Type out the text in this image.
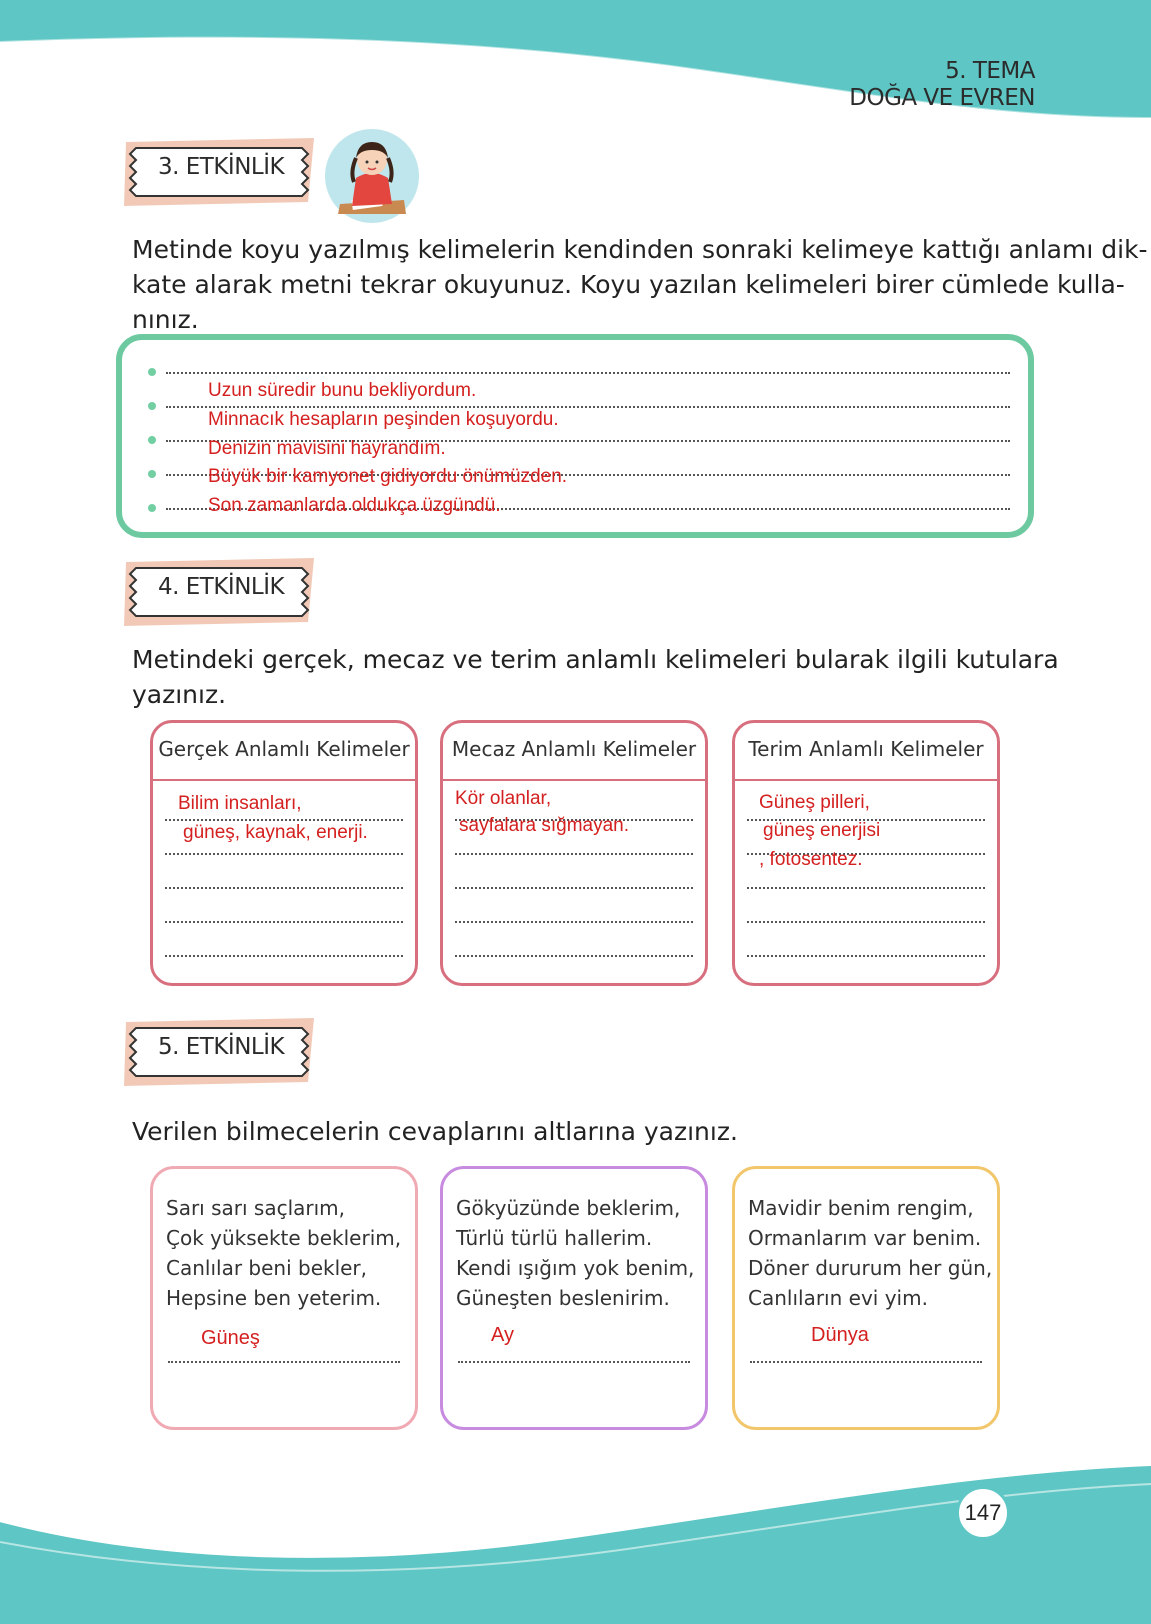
5. TEMA
DOĞA VE EVREN
3. ETKİNLİK
Metinde koyu yazılmış kelimelerin kendinden sonraki kelimeye kattığı anlamı dik-
kate alarak metni tekrar okuyunuz. Koyu yazılan kelimeleri birer cümlede kulla-
nınız.
Uzun süredir bunu bekliyordum.
Minnacık hesapların peşinden koşuyordu.
Denizin mavisini hayrandım.
Büyük bir kamyonet gidiyordu önümüzden.
Son zamanlarda oldukça üzgündü.
4. ETKİNLİK
Metindeki gerçek, mecaz ve terim anlamlı kelimeleri bularak ilgili kutulara
yazınız.
Gerçek Anlamlı Kelimeler
Bilim insanları,
güneş, kaynak, enerji.
Mecaz Anlamlı Kelimeler
Kör olanlar,
sayfalara sığmayan.
Terim Anlamlı Kelimeler
Güneş pilleri,
güneş enerjisi
, fotosentez.
5. ETKİNLİK
Verilen bilmecelerin cevaplarını altlarına yazınız.
Sarı sarı saçlarım,
Çok yüksekte beklerim,
Canlılar beni bekler,
Hepsine ben yeterim.
Güneş
Gökyüzünde beklerim,
Türlü türlü hallerim.
Kendi ışığım yok benim,
Güneşten beslenirim.
Ay
Mavidir benim rengim,
Ormanlarım var benim.
Döner dururum her gün,
Canlıların evi yim.
Dünya
147
